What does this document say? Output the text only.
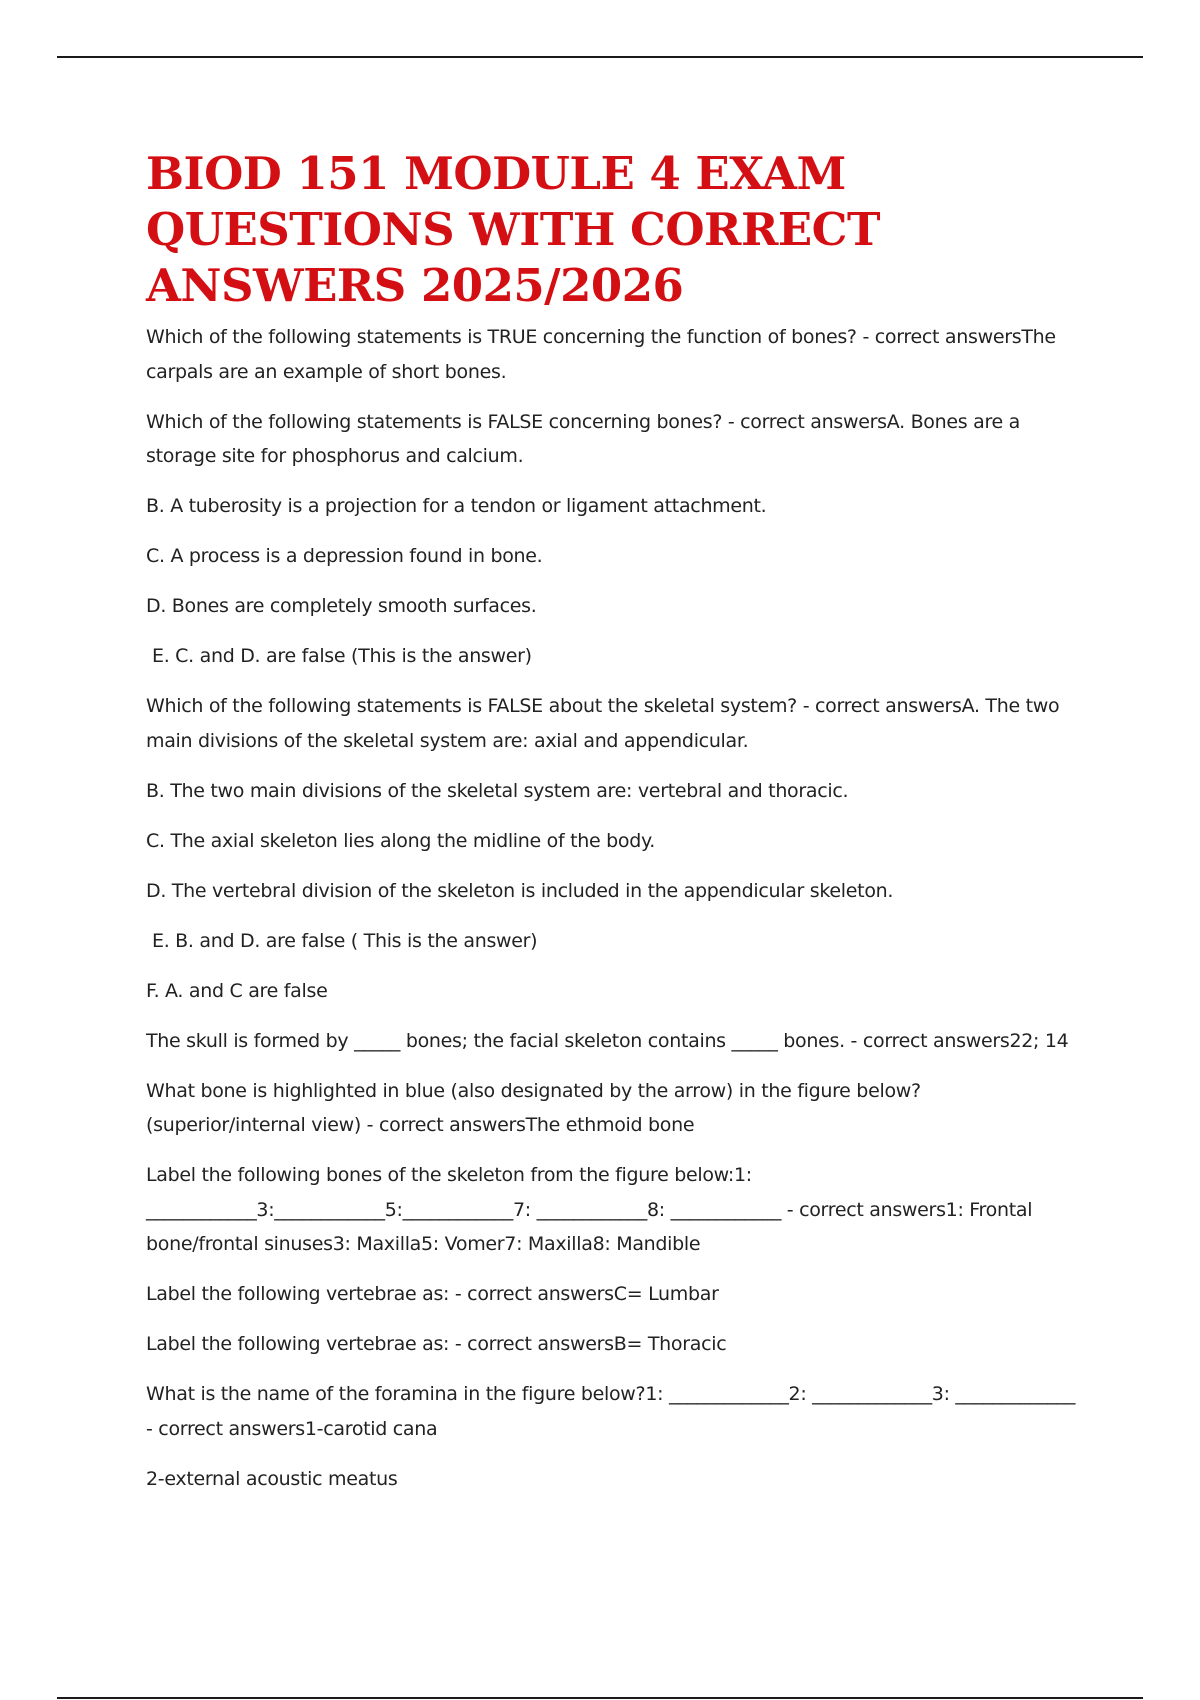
BIOD 151 MODULE 4 EXAM QUESTIONS WITH CORRECT ANSWERS 2025/2026

Which of the following statements is TRUE concerning the function of bones? - correct answersThe carpals are an example of short bones.

Which of the following statements is FALSE concerning bones? - correct answersA. Bones are a storage site for phosphorus and calcium.

B. A tuberosity is a projection for a tendon or ligament attachment.

C. A process is a depression found in bone.

D. Bones are completely smooth surfaces.

E. C. and D. are false (This is the answer)

Which of the following statements is FALSE about the skeletal system? - correct answersA. The two main divisions of the skeletal system are: axial and appendicular.

B. The two main divisions of the skeletal system are: vertebral and thoracic.

C. The axial skeleton lies along the midline of the body.

D. The vertebral division of the skeleton is included in the appendicular skeleton.

E. B. and D. are false ( This is the answer)

F. A. and C are false

The skull is formed by _____ bones; the facial skeleton contains _____ bones. - correct answers22; 14

What bone is highlighted in blue (also designated by the arrow) in the figure below? (superior/internal view) - correct answersThe ethmoid bone

Label the following bones of the skeleton from the figure below:1: ____________3:____________5:____________7: ____________8: ____________ - correct answers1: Frontal bone/frontal sinuses3: Maxilla5: Vomer7: Maxilla8: Mandible

Label the following vertebrae as: - correct answersC= Lumbar

Label the following vertebrae as: - correct answersB= Thoracic

What is the name of the foramina in the figure below?1: _____________2: _____________3: _____________ - correct answers1-carotid cana

2-external acoustic meatus
